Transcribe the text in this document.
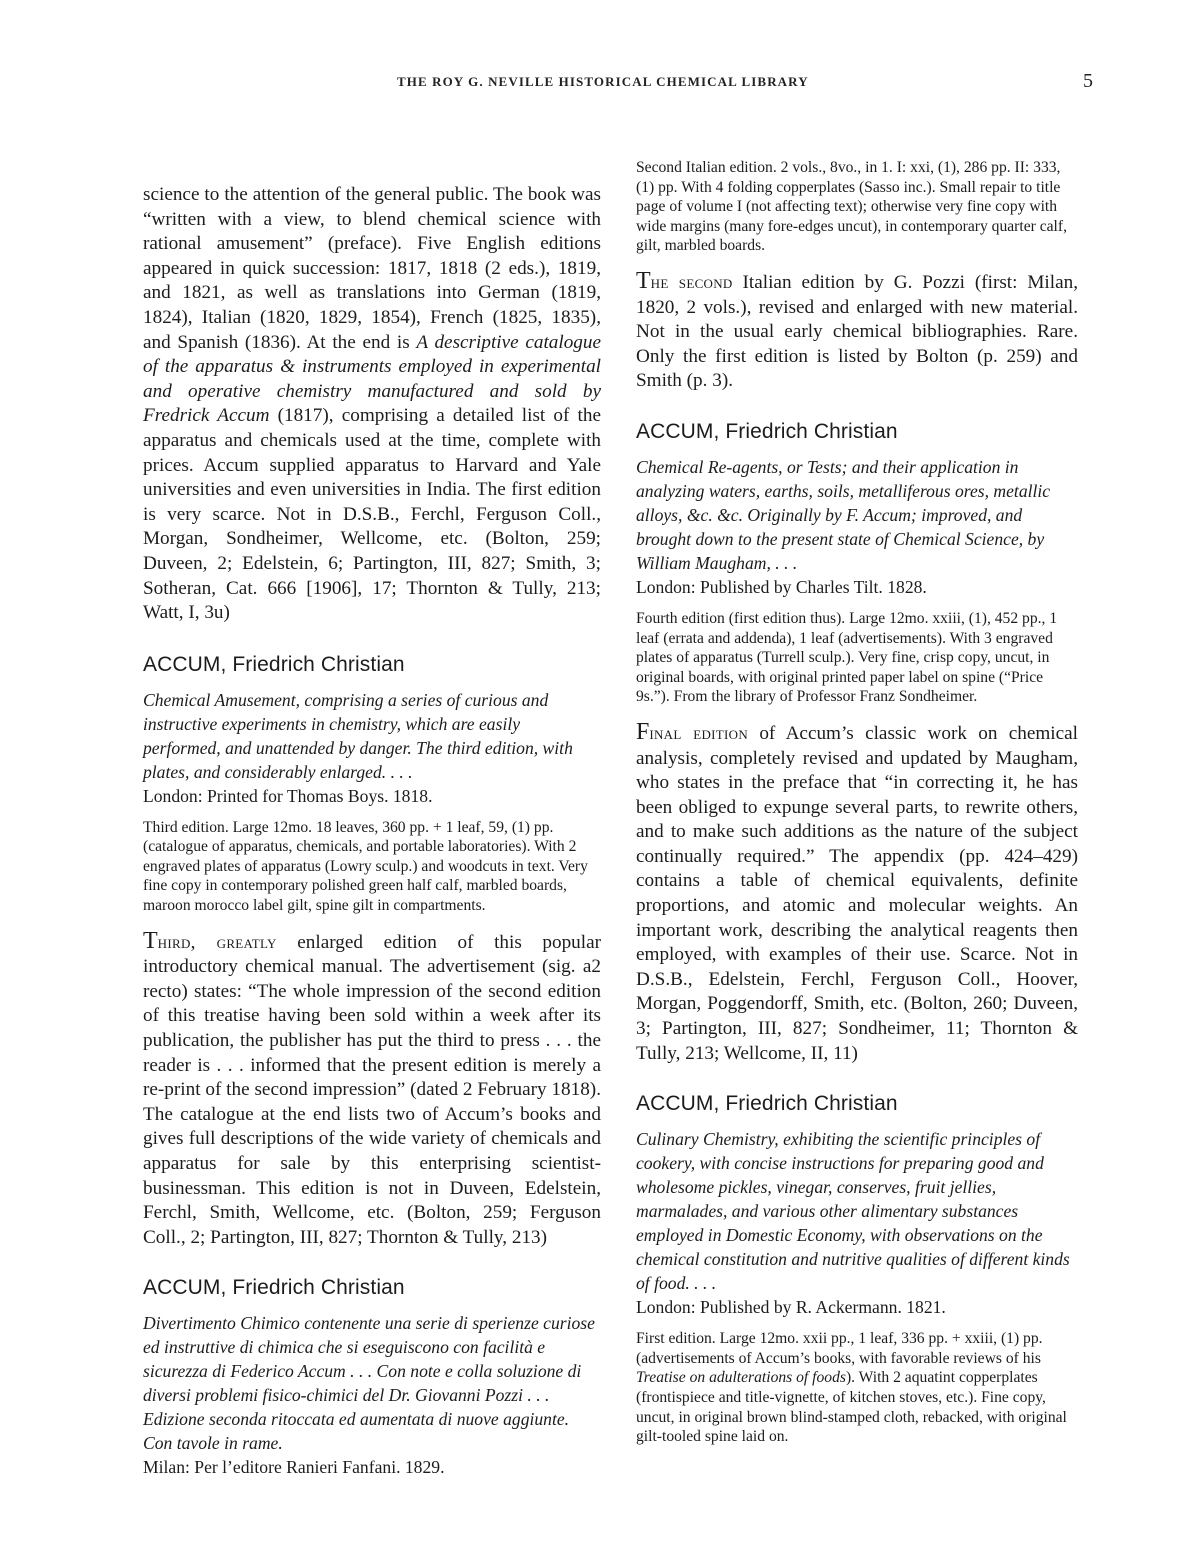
THE ROY G. NEVILLE HISTORICAL CHEMICAL LIBRARY	5

science to the attention of the general public. The book was “written with a view, to blend chemical science with rational amusement” (preface). Five English editions appeared in quick succession: 1817, 1818 (2 eds.), 1819, and 1821, as well as translations into German (1819, 1824), Italian (1820, 1829, 1854), French (1825, 1835), and Spanish (1836). At the end is A descriptive catalogue of the apparatus & instruments employed in experimental and operative chemistry manufactured and sold by Fredrick Accum (1817), comprising a detailed list of the apparatus and chemicals used at the time, complete with prices. Accum supplied apparatus to Harvard and Yale universities and even universities in India. The first edition is very scarce. Not in D.S.B., Ferchl, Ferguson Coll., Morgan, Sondheimer, Wellcome, etc. (Bolton, 259; Duveen, 2; Edelstein, 6; Partington, III, 827; Smith, 3; Sotheran, Cat. 666 [1906], 17; Thornton & Tully, 213; Watt, I, 3u)

ACCUM, Friedrich Christian

Chemical Amusement, comprising a series of curious and instructive experiments in chemistry, which are easily performed, and unattended by danger. The third edition, with plates, and considerably enlarged. . . .

London: Printed for Thomas Boys. 1818.

Third edition. Large 12mo. 18 leaves, 360 pp. + 1 leaf, 59, (1) pp. (catalogue of apparatus, chemicals, and portable laboratories). With 2 engraved plates of apparatus (Lowry sculp.) and woodcuts in text. Very fine copy in contemporary polished green half calf, marbled boards, maroon morocco label gilt, spine gilt in compartments.

Third, greatly enlarged edition of this popular introductory chemical manual. The advertisement (sig. a2 recto) states: “The whole impression of the second edition of this treatise having been sold within a week after its publication, the publisher has put the third to press . . . the reader is . . . informed that the present edition is merely a re-print of the second impression” (dated 2 February 1818). The catalogue at the end lists two of Accum’s books and gives full descriptions of the wide variety of chemicals and apparatus for sale by this enterprising scientist-businessman. This edition is not in Duveen, Edelstein, Ferchl, Smith, Wellcome, etc. (Bolton, 259; Ferguson Coll., 2; Partington, III, 827; Thornton & Tully, 213)

ACCUM, Friedrich Christian

Divertimento Chimico contenente una serie di sperienze curiose ed instruttive di chimica che si eseguiscono con facilità e sicurezza di Federico Accum . . . Con note e colla soluzione di diversi problemi fisico-chimici del Dr. Giovanni Pozzi . . . Edizione seconda ritoccata ed aumentata di nuove aggiunte. Con tavole in rame.

Milan: Per l’editore Ranieri Fanfani. 1829.

Second Italian edition. 2 vols., 8vo., in 1. I: xxi, (1), 286 pp. II: 333, (1) pp. With 4 folding copperplates (Sasso inc.). Small repair to title page of volume I (not affecting text); otherwise very fine copy with wide margins (many fore-edges uncut), in contemporary quarter calf, gilt, marbled boards.

The second Italian edition by G. Pozzi (first: Milan, 1820, 2 vols.), revised and enlarged with new material. Not in the usual early chemical bibliographies. Rare. Only the first edition is listed by Bolton (p. 259) and Smith (p. 3).

ACCUM, Friedrich Christian

Chemical Re-agents, or Tests; and their application in analyzing waters, earths, soils, metalliferous ores, metallic alloys, &c. &c. Originally by F. Accum; improved, and brought down to the present state of Chemical Science, by William Maugham, . . .

London: Published by Charles Tilt. 1828.

Fourth edition (first edition thus). Large 12mo. xxiii, (1), 452 pp., 1 leaf (errata and addenda), 1 leaf (advertisements). With 3 engraved plates of apparatus (Turrell sculp.). Very fine, crisp copy, uncut, in original boards, with original printed paper label on spine (“Price 9s.”). From the library of Professor Franz Sondheimer.

Final edition of Accum’s classic work on chemical analysis, completely revised and updated by Maugham, who states in the preface that “in correcting it, he has been obliged to expunge several parts, to rewrite others, and to make such additions as the nature of the subject continually required.” The appendix (pp. 424–429) contains a table of chemical equivalents, definite proportions, and atomic and molecular weights. An important work, describing the analytical reagents then employed, with examples of their use. Scarce. Not in D.S.B., Edelstein, Ferchl, Ferguson Coll., Hoover, Morgan, Poggendorff, Smith, etc. (Bolton, 260; Duveen, 3; Partington, III, 827; Sondheimer, 11; Thornton & Tully, 213; Wellcome, II, 11)

ACCUM, Friedrich Christian

Culinary Chemistry, exhibiting the scientific principles of cookery, with concise instructions for preparing good and wholesome pickles, vinegar, conserves, fruit jellies, marmalades, and various other alimentary substances employed in Domestic Economy, with observations on the chemical constitution and nutritive qualities of different kinds of food. . . .

London: Published by R. Ackermann. 1821.

First edition. Large 12mo. xxii pp., 1 leaf, 336 pp. + xxiii, (1) pp. (advertisements of Accum’s books, with favorable reviews of his Treatise on adulterations of foods). With 2 aquatint copperplates (frontispiece and title-vignette, of kitchen stoves, etc.). Fine copy, uncut, in original brown blind-stamped cloth, rebacked, with original gilt-tooled spine laid on.
